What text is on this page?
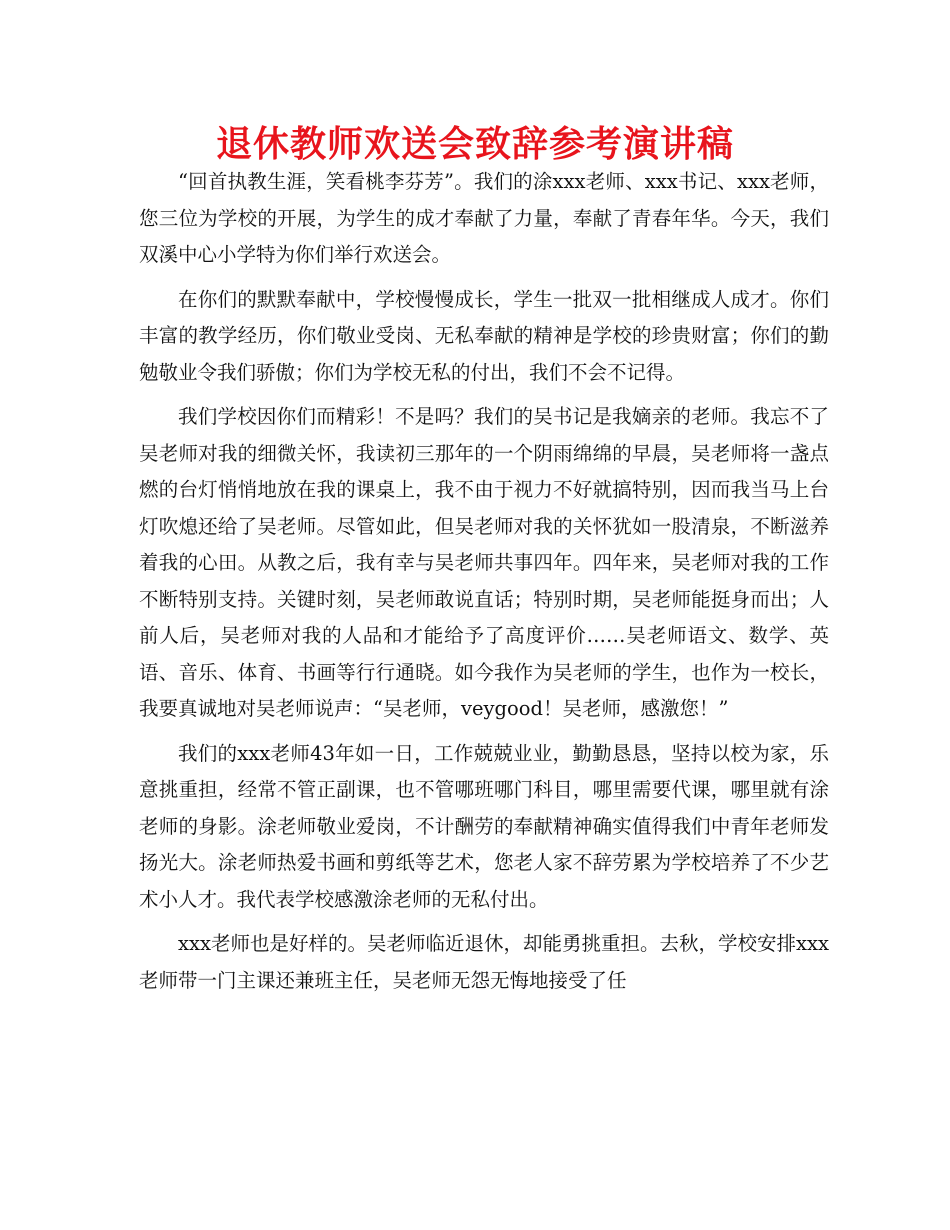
退休教师欢送会致辞参考演讲稿

“回首执教生涯，笑看桃李芬芳”。我们的涂xxx老师、xxx书记、xxx老师，您三位为学校的开展，为学生的成才奉献了力量，奉献了青春年华。今天，我们双溪中心小学特为你们举行欢送会。

在你们的默默奉献中，学校慢慢成长，学生一批双一批相继成人成才。你们丰富的教学经历，你们敬业受岗、无私奉献的精神是学校的珍贵财富；你们的勤勉敬业令我们骄傲；你们为学校无私的付出，我们不会不记得。

我们学校因你们而精彩！不是吗？我们的吴书记是我嫡亲的老师。我忘不了吴老师对我的细微关怀，我读初三那年的一个阴雨绵绵的早晨，吴老师将一盏点燃的台灯悄悄地放在我的课桌上，我不由于视力不好就搞特别，因而我当马上台灯吹熄还给了吴老师。尽管如此，但吴老师对我的关怀犹如一股清泉，不断滋养着我的心田。从教之后，我有幸与吴老师共事四年。四年来，吴老师对我的工作不断特别支持。关键时刻，吴老师敢说直话；特别时期，吴老师能挺身而出；人前人后，吴老师对我的人品和才能给予了高度评价……吴老师语文、数学、英语、音乐、体育、书画等行行通晓。如今我作为吴老师的学生，也作为一校长，我要真诚地对吴老师说声：“吴老师，veygood！吴老师，感激您！”

我们的xxx老师43年如一日，工作兢兢业业，勤勤恳恳，坚持以校为家，乐意挑重担，经常不管正副课，也不管哪班哪门科目，哪里需要代课，哪里就有涂老师的身影。涂老师敬业爱岗，不计酬劳的奉献精神确实值得我们中青年老师发扬光大。涂老师热爱书画和剪纸等艺术，您老人家不辞劳累为学校培养了不少艺术小人才。我代表学校感激涂老师的无私付出。

xxx老师也是好样的。吴老师临近退休，却能勇挑重担。去秋，学校安排xxx老师带一门主课还兼班主任，吴老师无怨无悔地接受了任
